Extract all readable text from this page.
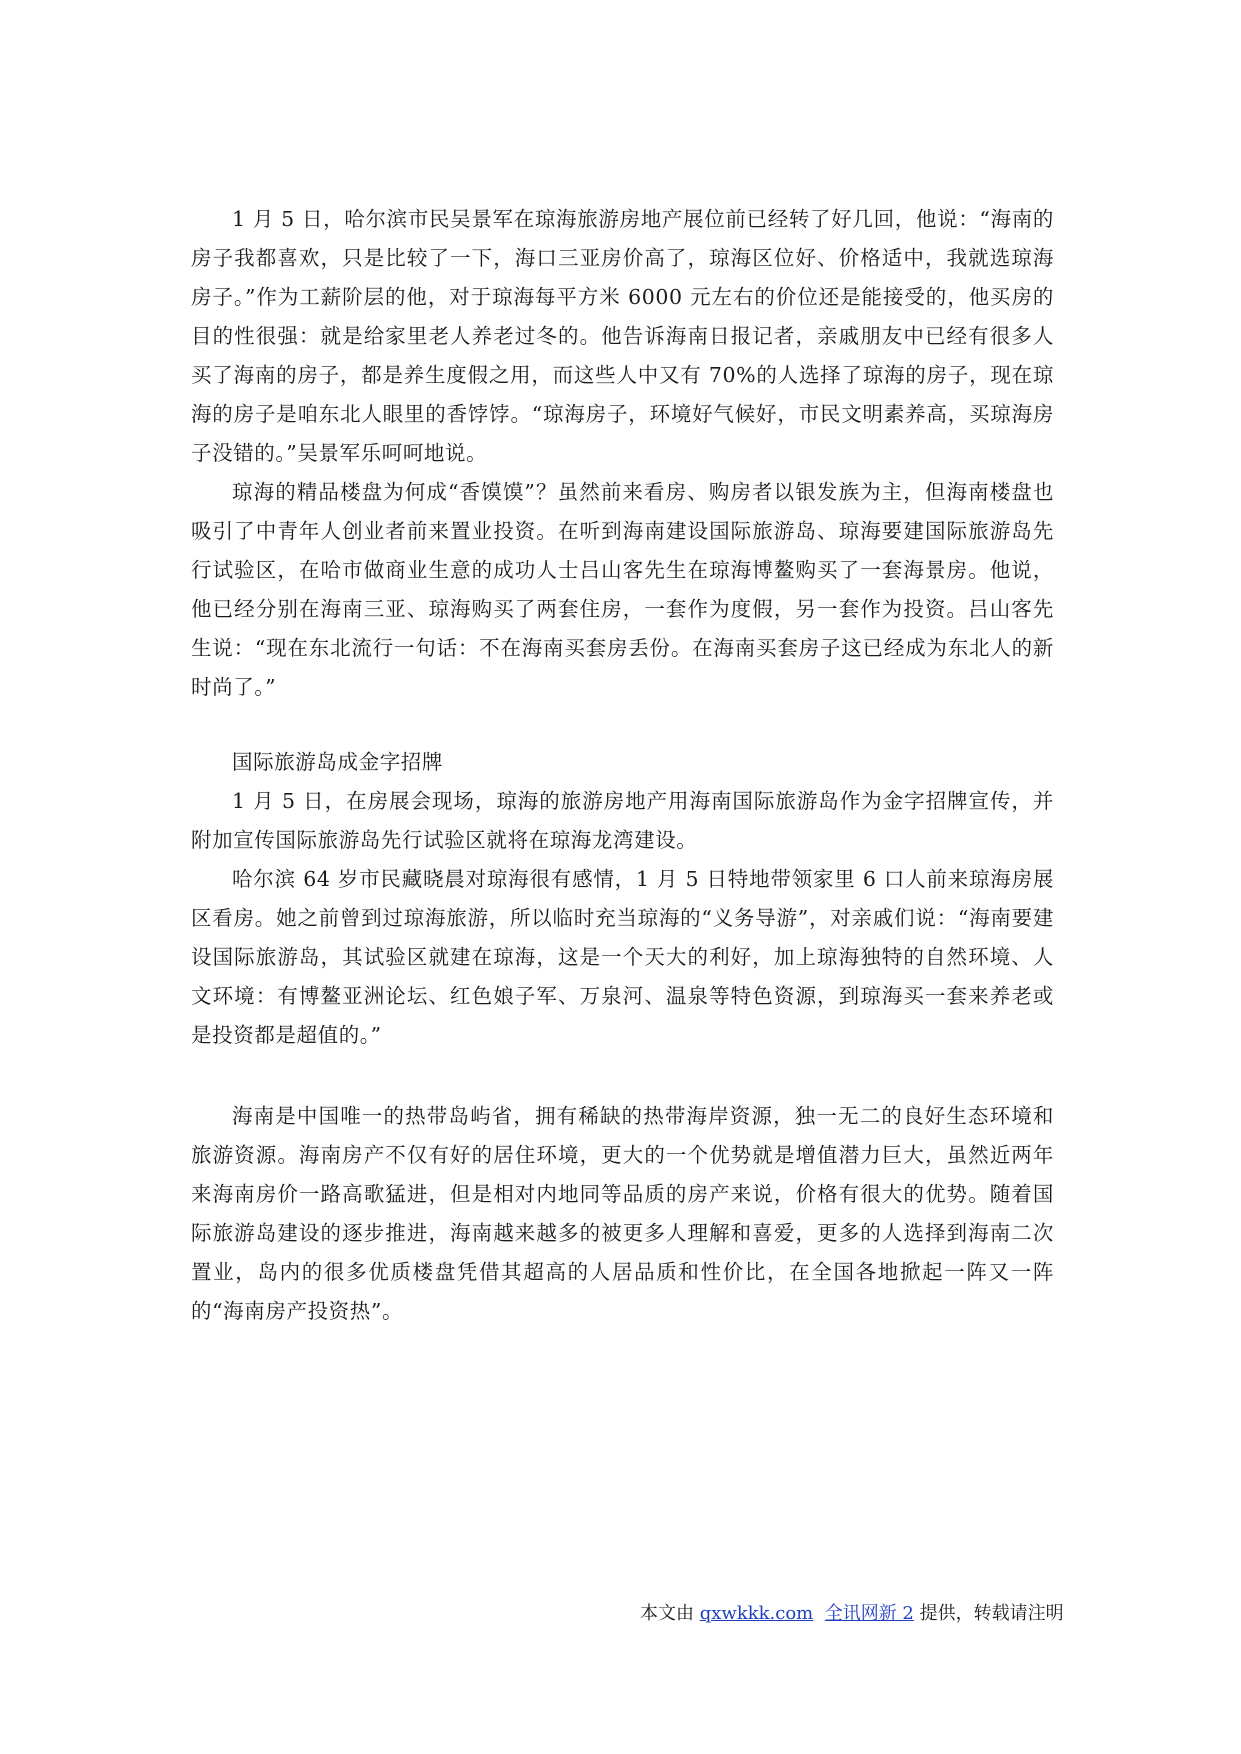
1 月 5 日，哈尔滨市民吴景军在琼海旅游房地产展位前已经转了好几回，他说：“海南的房子我都喜欢，只是比较了一下，海口三亚房价高了，琼海区位好、价格适中，我就选琼海房子。”作为工薪阶层的他，对于琼海每平方米 6000 元左右的价位还是能接受的，他买房的目的性很强：就是给家里老人养老过冬的。他告诉海南日报记者，亲戚朋友中已经有很多人买了海南的房子，都是养生度假之用，而这些人中又有 70%的人选择了琼海的房子，现在琼海的房子是咱东北人眼里的香饽饽。“琼海房子，环境好气候好，市民文明素养高，买琼海房子没错的。”吴景军乐呵呵地说。

琼海的精品楼盘为何成“香馍馍”？虽然前来看房、购房者以银发族为主，但海南楼盘也吸引了中青年人创业者前来置业投资。在听到海南建设国际旅游岛、琼海要建国际旅游岛先行试验区，在哈市做商业生意的成功人士吕山客先生在琼海博鳌购买了一套海景房。他说，他已经分别在海南三亚、琼海购买了两套住房，一套作为度假，另一套作为投资。吕山客先生说：“现在东北流行一句话：不在海南买套房丢份。在海南买套房子这已经成为东北人的新时尚了。”

国际旅游岛成金字招牌

1 月 5 日，在房展会现场，琼海的旅游房地产用海南国际旅游岛作为金字招牌宣传，并附加宣传国际旅游岛先行试验区就将在琼海龙湾建设。

哈尔滨 64 岁市民藏晓晨对琼海很有感情，1 月 5 日特地带领家里 6 口人前来琼海房展区看房。她之前曾到过琼海旅游，所以临时充当琼海的“义务导游”，对亲戚们说：“海南要建设国际旅游岛，其试验区就建在琼海，这是一个天大的利好，加上琼海独特的自然环境、人文环境：有博鳌亚洲论坛、红色娘子军、万泉河、温泉等特色资源，到琼海买一套来养老或是投资都是超值的。”

海南是中国唯一的热带岛屿省，拥有稀缺的热带海岸资源，独一无二的良好生态环境和旅游资源。海南房产不仅有好的居住环境，更大的一个优势就是增值潜力巨大，虽然近两年来海南房价一路高歌猛进，但是相对内地同等品质的房产来说，价格有很大的优势。随着国际旅游岛建设的逐步推进，海南越来越多的被更多人理解和喜爱，更多的人选择到海南二次置业，岛内的很多优质楼盘凭借其超高的人居品质和性价比，在全国各地掀起一阵又一阵的“海南房产投资热”。

本文由 qxwkkk.com 全讯网新 2 提供，转载请注明
